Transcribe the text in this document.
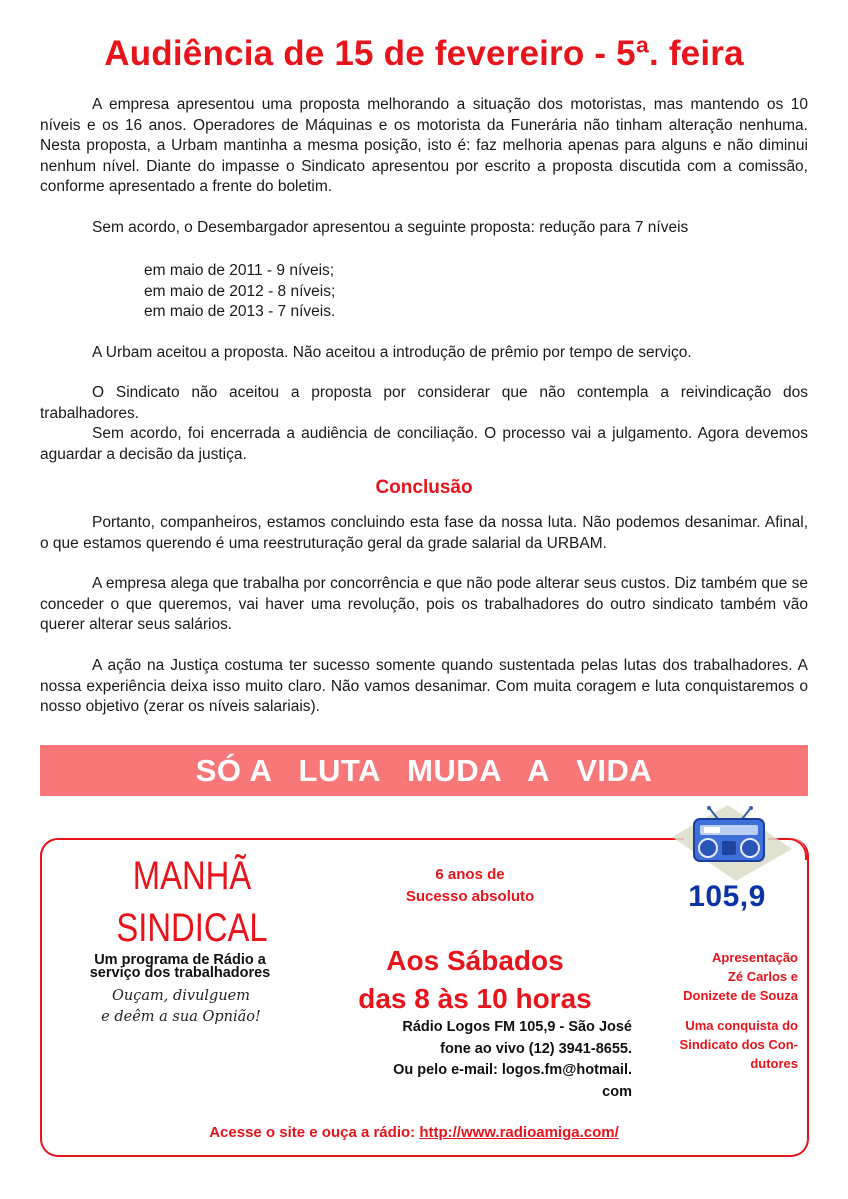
Audiência de 15 de fevereiro - 5ª. feira

A empresa apresentou uma proposta melhorando a situação dos motoristas, mas mantendo os 10 níveis e os 16 anos. Operadores de Máquinas e os motorista da Funerária não tinham alteração nenhuma. Nesta proposta, a Urbam mantinha a mesma posição, isto é: faz melhoria apenas para alguns e não diminui nenhum nível. Diante do impasse o Sindicato apresentou por escrito a proposta discutida com a comissão, conforme apresentado a frente do boletim.

Sem acordo, o Desembargador apresentou a seguinte proposta: redução para 7 níveis

em maio de 2011 - 9 níveis;

em maio de 2012 - 8 níveis;

em maio de 2013 - 7 níveis.

A Urbam aceitou a proposta. Não aceitou a introdução de prêmio por tempo de serviço.

O Sindicato não aceitou a proposta por considerar que não contempla a reivindicação dos trabalhadores.

Sem acordo, foi encerrada a audiência de conciliação. O processo vai a julgamento. Agora devemos aguardar a decisão da justiça.

Conclusão

Portanto, companheiros, estamos concluindo esta fase da nossa luta. Não podemos desanimar. Afinal, o que estamos querendo é uma reestruturação geral da grade salarial da URBAM.

A empresa alega que trabalha por concorrência e que não pode alterar seus custos. Diz também que se conceder o que queremos, vai haver uma revolução, pois os trabalhadores do outro sindicato também vão querer alterar seus salários.

A ação na Justiça costuma ter sucesso somente quando sustentada pelas lutas dos trabalhadores. A nossa experiência deixa isso muito claro. Não vamos desanimar. Com muita coragem e luta conquistaremos o nosso objetivo (zerar os níveis salariais).

SÓ A   LUTA   MUDA   A   VIDA
MANHÃ
SINDICAL
Um programa de Rádio a
serviço dos trabalhadores
Ouçam, divulguem
e deêm a sua Opnião!
6 anos de
Sucesso absoluto
Aos Sábados
das 8 às 10 horas
Rádio Logos FM 105,9 - São José
fone ao vivo (12) 3941-8655.
Ou pelo e-mail: logos.fm@hotmail.
com
105,9
Apresentação
Zé Carlos e
Donizete de Souza
Uma conquista do
Sindicato dos Con-
dutores
Acesse o site e ouça a rádio: http://www.radioamiga.com/
